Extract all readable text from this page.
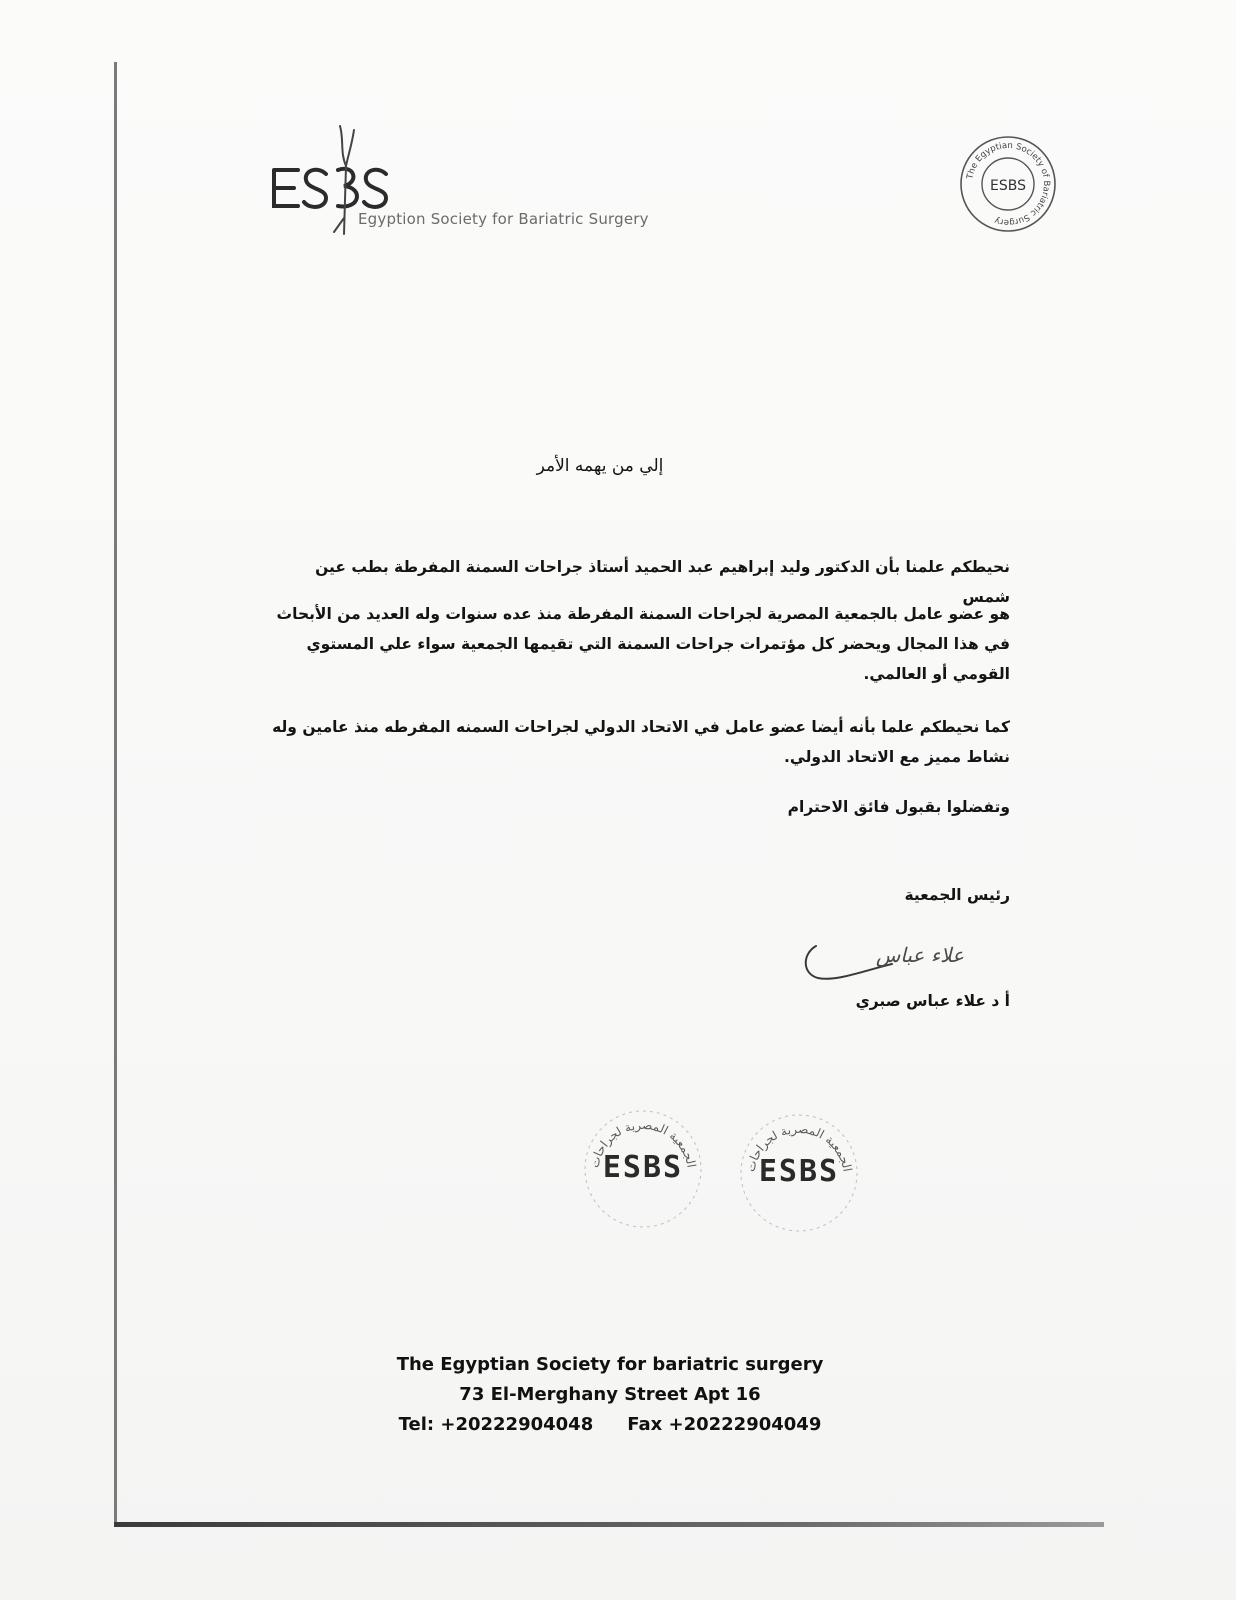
Egyption Society for Bariatric Surgery
The Egyptian Society of Bariatric Surgery
ESBS
إلي من يهمه الأمر
نحيطكم علمنا بأن الدكتور وليد إبراهيم عبد الحميد أستاذ جراحات السمنة المفرطة بطب عين شمس
هو عضو عامل بالجمعية المصرية لجراحات السمنة المفرطة منذ عده سنوات وله العديد من الأبحاث في هذا المجال ويحضر كل مؤتمرات جراحات السمنة التي تقيمها الجمعية سواء علي المستوي القومي أو العالمي.
كما نحيطكم علما بأنه أيضا عضو عامل في الاتحاد الدولي لجراحات السمنه المفرطه منذ عامين وله نشاط مميز مع الاتحاد الدولي.
وتفضلوا بقبول فائق الاحترام
رئيس الجمعية
علاء عباس
أ د علاء عباس صبري
الجمعية المصرية لجراحات
ESBS	الجمعية المصرية لجراحات
ESBS
The Egyptian Society for bariatric surgery
73 El-Merghany Street Apt 16
Tel: +20222904048 Fax +20222904049
